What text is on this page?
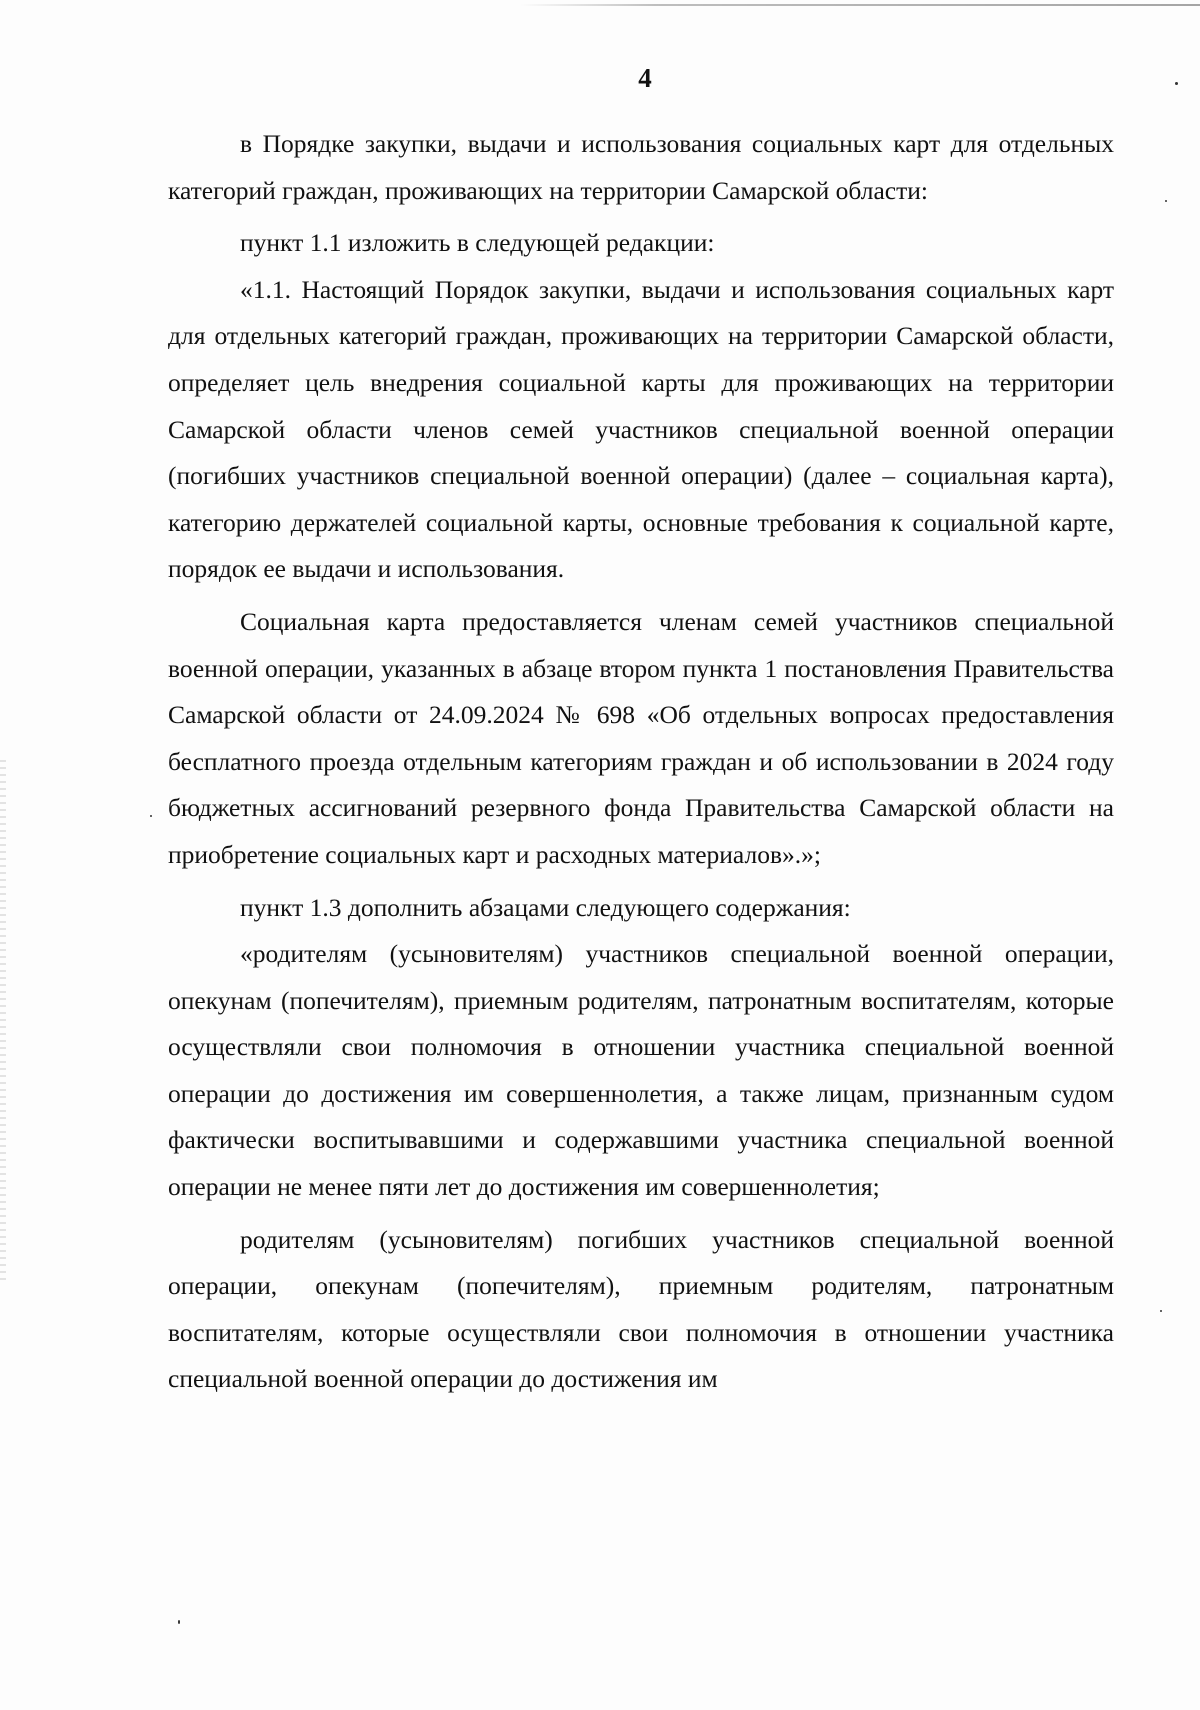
4

в Порядке закупки, выдачи и использования социальных карт для отдельных категорий граждан, проживающих на территории Самарской области:

пункт 1.1 изложить в следующей редакции:

«1.1. Настоящий Порядок закупки, выдачи и использования социальных карт для отдельных категорий граждан, проживающих на территории Самарской области, определяет цель внедрения социальной карты для проживающих на территории Самарской области членов семей участников специальной военной операции (погибших участников специальной военной операции) (далее – социальная карта), категорию держателей социальной карты, основные требования к социальной карте, порядок ее выдачи и использования.

Социальная карта предоставляется членам семей участников специальной военной операции, указанных в абзаце втором пункта 1 постановления Правительства Самарской области от 24.09.2024 № 698 «Об отдельных вопросах предоставления бесплатного проезда отдельным категориям граждан и об использовании в 2024 году бюджетных ассигнований резервного фонда Правительства Самарской области на приобретение социальных карт и расходных материалов».»;

пункт 1.3 дополнить абзацами следующего содержания:

«родителям (усыновителям) участников специальной военной операции, опекунам (попечителям), приемным родителям, патронатным воспитателям, которые осуществляли свои полномочия в отношении участника специальной военной операции до достижения им совершеннолетия, а также лицам, признанным судом фактически воспитывавшими и содержавшими участника специальной военной операции не менее пяти лет до достижения им совершеннолетия;

родителям (усыновителям) погибших участников специальной военной операции, опекунам (попечителям), приемным родителям, патронатным воспитателям, которые осуществляли свои полномочия в отношении участника специальной военной операции до достижения им
